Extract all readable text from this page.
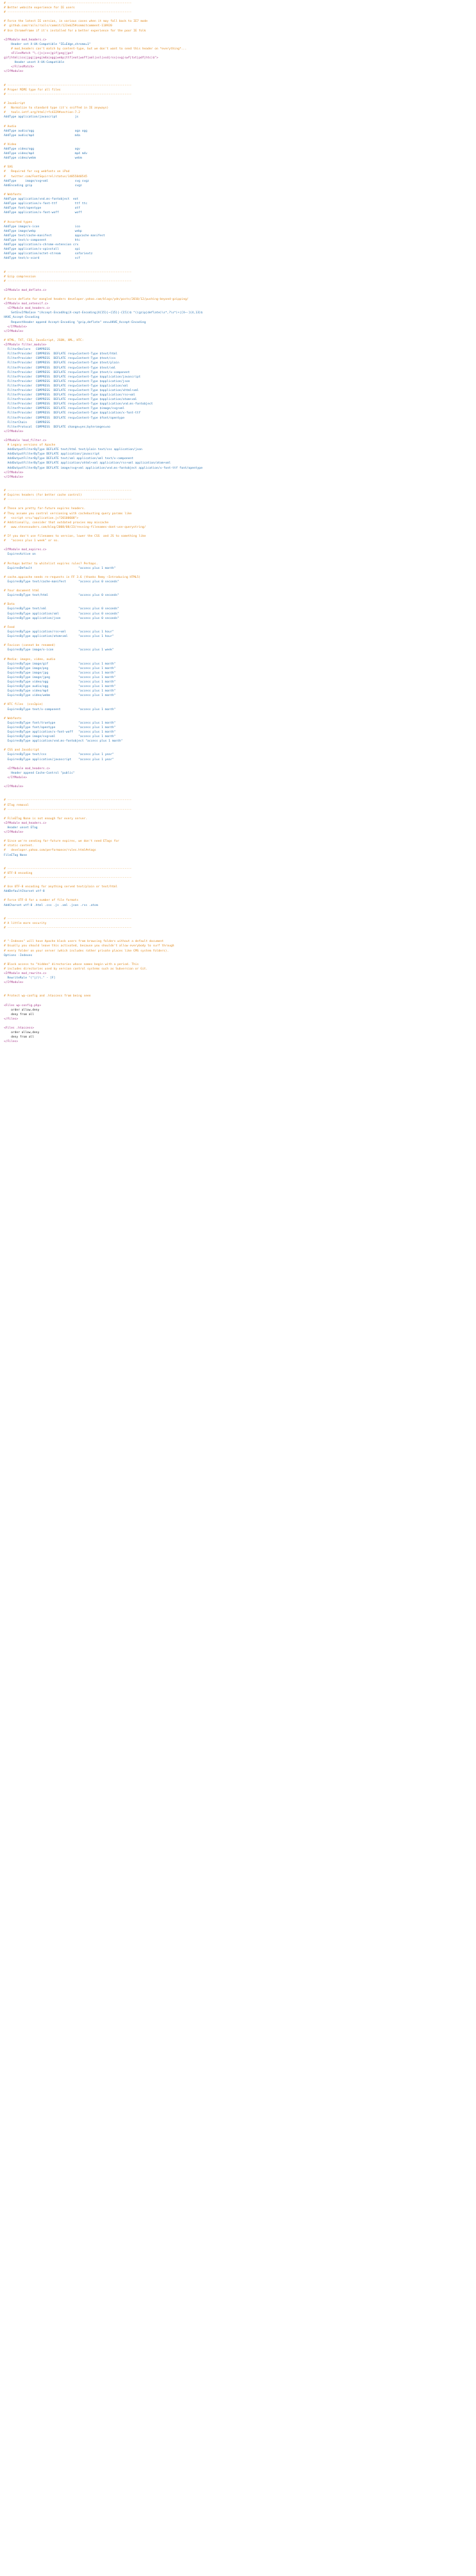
# ----------------------------------------------------------------------
# Better website experience for IE users
# ----------------------------------------------------------------------

# Force the latest IE version, in various cases when it may fall back to IE7 mode
#  github.com/rails/rails/commit/123eb25#commitcomment-118920
# Use ChromeFrame if it's installed for a better experience for the poor IE folk

<IfModule mod_headers.c>
Header set X-UA-Compatible "IE=Edge,chrome=1"
# mod_headers can't match by content-type, but we don't want to send this header on *everything*...
<FilesMatch "\.(js|css|gif|png|jpe?
gif|html|ico|jpg|jpeg|m4a|ogg|webp|ttf|eot|woff|xml|xsl|xsd|rss|svg|swf|txt|pdf|htc)$">
Header unset X-UA-Compatible
</FilesMatch>
</IfModule>

# ----------------------------------------------------------------------
# Proper MIME type for all files
# ----------------------------------------------------------------------

# JavaScript
#   Normalize to standard type (it's sniffed in IE anyways)
#   tools.ietf.org/html/rfc4329#section-7.2
AddType application/javascript          js

# Audio
AddType audio/ogg                       oga ogg
AddType audio/mp4                       m4a

# Video
AddType video/ogg                       ogv
AddType video/mp4                       mp4 m4v
AddType video/webm                      webm

# SVG
#   Required for svg webfonts on iPad
#   twitter.com/FontSquirrel/status/14855840545
AddType     image/svg+xml               svg svgz
AddEncoding gzip                        svgz

# Webfonts
AddType application/vnd.ms-fontobject  eot
AddType application/x-font-ttf          ttf ttc
AddType font/opentype                   otf
AddType application/x-font-woff         woff

# Assorted types
AddType image/x-icon                    ico
AddType image/webp                      webp
AddType text/cache-manifest             appcache manifest
AddType text/x-component                htc
AddType application/x-chrome-extension crx
AddType application/x-xpinstall         xpi
AddType application/octet-stream        safariextz
AddType text/x-vcard                    vcf

# ----------------------------------------------------------------------
# Gzip compression
# ----------------------------------------------------------------------

<IfModule mod_deflate.c>

# Force deflate for mangled headers developer.yahoo.com/blogs/ydn/posts/2010/12/pushing-beyond-gzipping/
<IfModule mod_setenvif.c>
<IfModule mod_headers.c>
SetEnvIfNoCase ^(Accept-EncodXng|X-cept-Encoding|X{15}|~{15}|-{15})$ ^((gzip|deflate)\s*,?\s*)+|[X~-]{4,13}$
HAVE_Accept-Encoding
RequestHeader append Accept-Encoding "gzip,deflate" env=HAVE_Accept-Encoding
</IfModule>
</IfModule>

# HTML, TXT, CSS, JavaScript, JSON, XML, HTC:
<IfModule filter_module>
FilterDeclare   COMPRESS
FilterProvider  COMPRESS  DEFLATE resp=Content-Type $text/html
FilterProvider  COMPRESS  DEFLATE resp=Content-Type $text/css
FilterProvider  COMPRESS  DEFLATE resp=Content-Type $text/plain
FilterProvider  COMPRESS  DEFLATE resp=Content-Type $text/xml
FilterProvider  COMPRESS  DEFLATE resp=Content-Type $text/x-component
FilterProvider  COMPRESS  DEFLATE resp=Content-Type $application/javascript
FilterProvider  COMPRESS  DEFLATE resp=Content-Type $application/json
FilterProvider  COMPRESS  DEFLATE resp=Content-Type $application/xml
FilterProvider  COMPRESS  DEFLATE resp=Content-Type $application/xhtml+xml
FilterProvider  COMPRESS  DEFLATE resp=Content-Type $application/rss+xml
FilterProvider  COMPRESS  DEFLATE resp=Content-Type $application/atom+xml
FilterProvider  COMPRESS  DEFLATE resp=Content-Type $application/vnd.ms-fontobject
FilterProvider  COMPRESS  DEFLATE resp=Content-Type $image/svg+xml
FilterProvider  COMPRESS  DEFLATE resp=Content-Type $application/x-font-ttf
FilterProvider  COMPRESS  DEFLATE resp=Content-Type $font/opentype
FilterChain     COMPRESS
FilterProtocol  COMPRESS  DEFLATE change=yes;byteranges=no
</IfModule>

<IfModule !mod_filter.c>
# Legacy versions of Apache
AddOutputFilterByType DEFLATE text/html text/plain text/css application/json
AddOutputFilterByType DEFLATE application/javascript
AddOutputFilterByType DEFLATE text/xml application/xml text/x-component
AddOutputFilterByType DEFLATE application/xhtml+xml application/rss+xml application/atom+xml
AddOutputFilterByType DEFLATE image/svg+xml application/vnd.ms-fontobject application/x-font-ttf font/opentype
</IfModule>
</IfModule>

# ----------------------------------------------------------------------
# Expires headers (for better cache control)
# ----------------------------------------------------------------------

# These are pretty far-future expires headers.
# They assume you control versioning with cachebusting query params like
#   <script src="application.js?20100608">
# Additionally, consider that outdated proxies may miscache
#   www.stevesouders.com/blog/2008/08/23/revving-filenames-dont-use-querystring/

# If you don't use filenames to version, lower the CSS  and JS to something like
#   "access plus 1 week" or so.

<IfModule mod_expires.c>
ExpiresActive on

# Perhaps better to whitelist expires rules? Perhaps.
ExpiresDefault                          "access plus 1 month"

# cache.appcache needs re-requests in FF 3.6 (thanks Remy ~Introducing HTML5)
ExpiresByType text/cache-manifest       "access plus 0 seconds"

# Your document html
ExpiresByType text/html                 "access plus 0 seconds"

# Data
ExpiresByType text/xml                  "access plus 0 seconds"
ExpiresByType application/xml           "access plus 0 seconds"
ExpiresByType application/json          "access plus 0 seconds"

# Feed
ExpiresByType application/rss+xml       "access plus 1 hour"
ExpiresByType application/atom+xml      "access plus 1 hour"

# Favicon (cannot be renamed)
ExpiresByType image/x-icon              "access plus 1 week"

# Media: images, video, audio
ExpiresByType image/gif                 "access plus 1 month"
ExpiresByType image/png                 "access plus 1 month"
ExpiresByType image/jpg                 "access plus 1 month"
ExpiresByType image/jpeg                "access plus 1 month"
ExpiresByType video/ogg                 "access plus 1 month"
ExpiresByType audio/ogg                 "access plus 1 month"
ExpiresByType video/mp4                 "access plus 1 month"
ExpiresByType video/webm                "access plus 1 month"

# HTC files  (css3pie)
ExpiresByType text/x-component          "access plus 1 month"

# Webfonts
ExpiresByType font/truetype             "access plus 1 month"
ExpiresByType font/opentype             "access plus 1 month"
ExpiresByType application/x-font-woff   "access plus 1 month"
ExpiresByType image/svg+xml             "access plus 1 month"
ExpiresByType application/vnd.ms-fontobject "access plus 1 month"

# CSS and JavaScript
ExpiresByType text/css                  "access plus 1 year"
ExpiresByType application/javascript    "access plus 1 year"

<IfModule mod_headers.c>
Header append Cache-Control "public"
</IfModule>

</IfModule>

# ----------------------------------------------------------------------
# ETag removal
# ----------------------------------------------------------------------

# FileETag None is not enough for every server.
<IfModule mod_headers.c>
Header unset ETag
</IfModule>

# Since we're sending far-future expires, we don't need ETags for
# static content.
#   developer.yahoo.com/performance/rules.html#etags
FileETag None

# ----------------------------------------------------------------------
# UTF-8 encoding
# ----------------------------------------------------------------------

# Use UTF-8 encoding for anything served text/plain or text/html
AddDefaultCharset utf-8

# Force UTF-8 for a number of file formats
AddCharset utf-8 .html .css .js .xml .json .rss .atom

# ----------------------------------------------------------------------
# A little more security
# ----------------------------------------------------------------------

# "-Indexes" will have Apache block users from browsing folders without a default document
# Usually you should leave this activated, because you shouldn't allow everybody to surf through
# every folder on your server (which includes rather private places like CMS system folders).
Options -Indexes

# Block access to "hidden" directories whose names begin with a period. This
# includes directories used by version control systems such as Subversion or Git.
<IfModule mod_rewrite.c>
RewriteRule "(^|/)\." - [F]
</IfModule>

# Protect wp-config and .htaccess from being seen

<Files wp-config.php>
order allow,deny
deny from all
</Files>

<Files .htaccess>
order allow,deny
deny from all
</Files>
